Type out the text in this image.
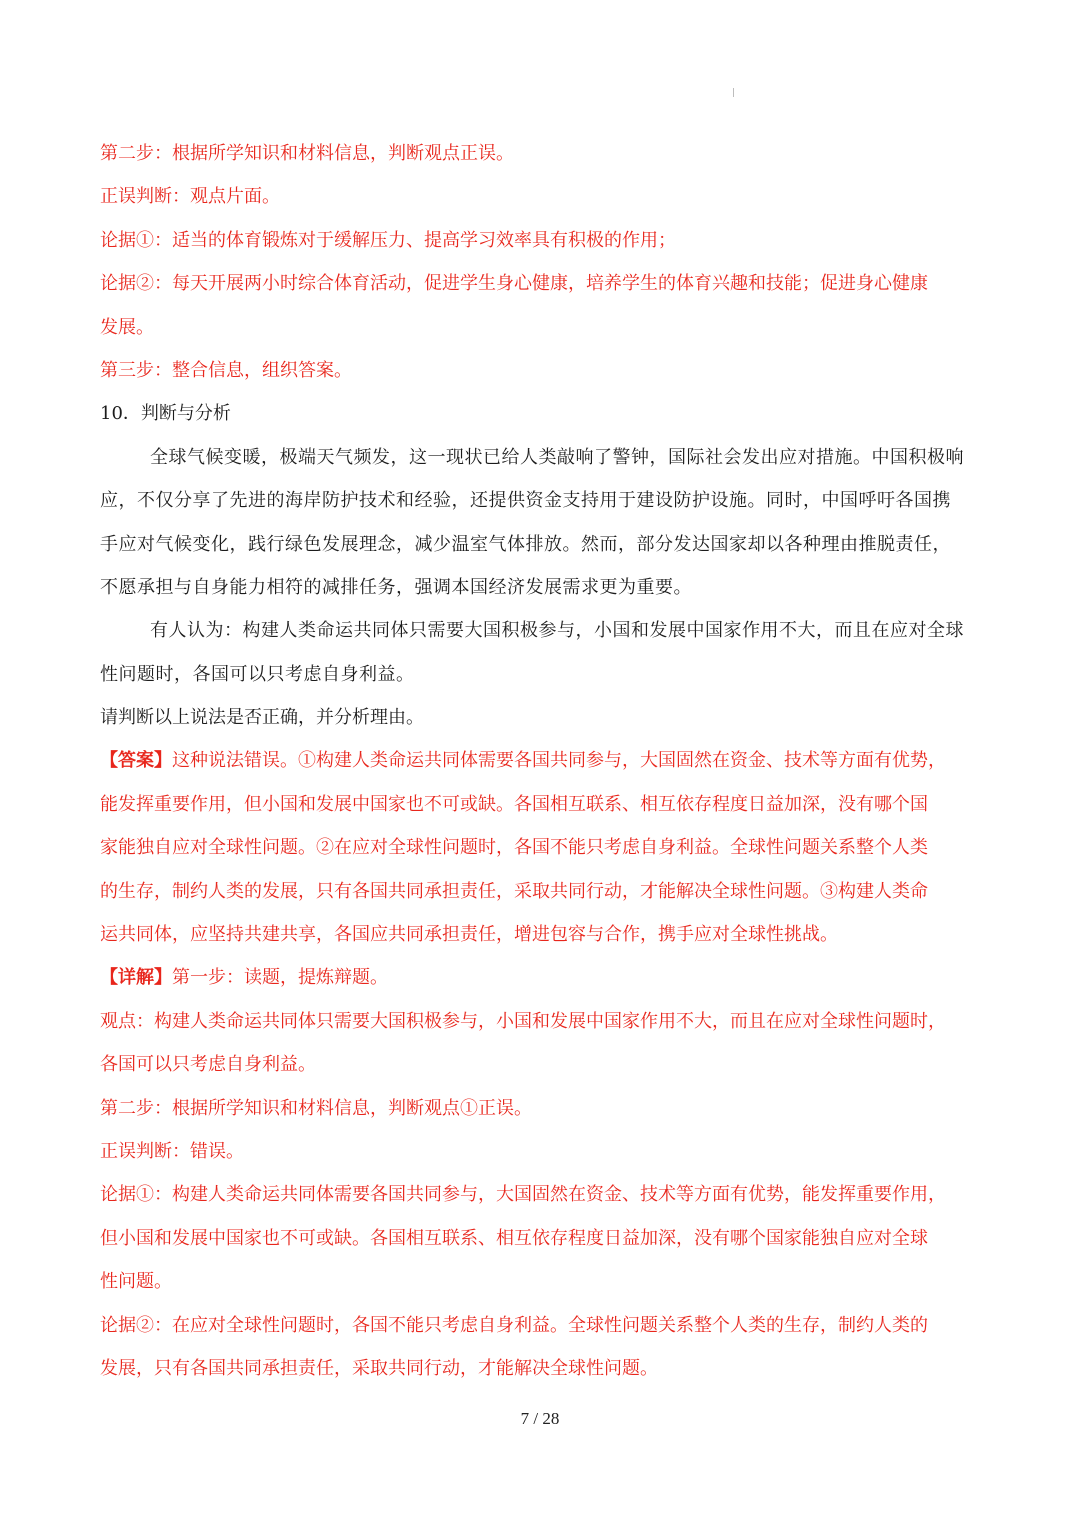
第二步：根据所学知识和材料信息，判断观点正误。
正误判断：观点片面。
论据①：适当的体育锻炼对于缓解压力、提高学习效率具有积极的作用；
论据②：每天开展两小时综合体育活动，促进学生身心健康，培养学生的体育兴趣和技能；促进身心健康
发展。
第三步：整合信息，组织答案。
10．判断与分析
全球气候变暖，极端天气频发，这一现状已给人类敲响了警钟，国际社会发出应对措施。中国积极响
应，不仅分享了先进的海岸防护技术和经验，还提供资金支持用于建设防护设施。同时，中国呼吁各国携
手应对气候变化，践行绿色发展理念，减少温室气体排放。然而，部分发达国家却以各种理由推脱责任，
不愿承担与自身能力相符的减排任务，强调本国经济发展需求更为重要。
有人认为：构建人类命运共同体只需要大国积极参与，小国和发展中国家作用不大，而且在应对全球
性问题时，各国可以只考虑自身利益。
请判断以上说法是否正确，并分析理由。
【答案】这种说法错误。①构建人类命运共同体需要各国共同参与，大国固然在资金、技术等方面有优势，
能发挥重要作用，但小国和发展中国家也不可或缺。各国相互联系、相互依存程度日益加深，没有哪个国
家能独自应对全球性问题。②在应对全球性问题时，各国不能只考虑自身利益。全球性问题关系整个人类
的生存，制约人类的发展，只有各国共同承担责任，采取共同行动，才能解决全球性问题。③构建人类命
运共同体，应坚持共建共享，各国应共同承担责任，增进包容与合作，携手应对全球性挑战。
【详解】第一步：读题，提炼辩题。
观点：构建人类命运共同体只需要大国积极参与，小国和发展中国家作用不大，而且在应对全球性问题时，
各国可以只考虑自身利益。
第二步：根据所学知识和材料信息，判断观点①正误。
正误判断：错误。
论据①：构建人类命运共同体需要各国共同参与，大国固然在资金、技术等方面有优势，能发挥重要作用，
但小国和发展中国家也不可或缺。各国相互联系、相互依存程度日益加深，没有哪个国家能独自应对全球
性问题。
论据②：在应对全球性问题时，各国不能只考虑自身利益。全球性问题关系整个人类的生存，制约人类的
发展，只有各国共同承担责任，采取共同行动，才能解决全球性问题。
7 / 28
